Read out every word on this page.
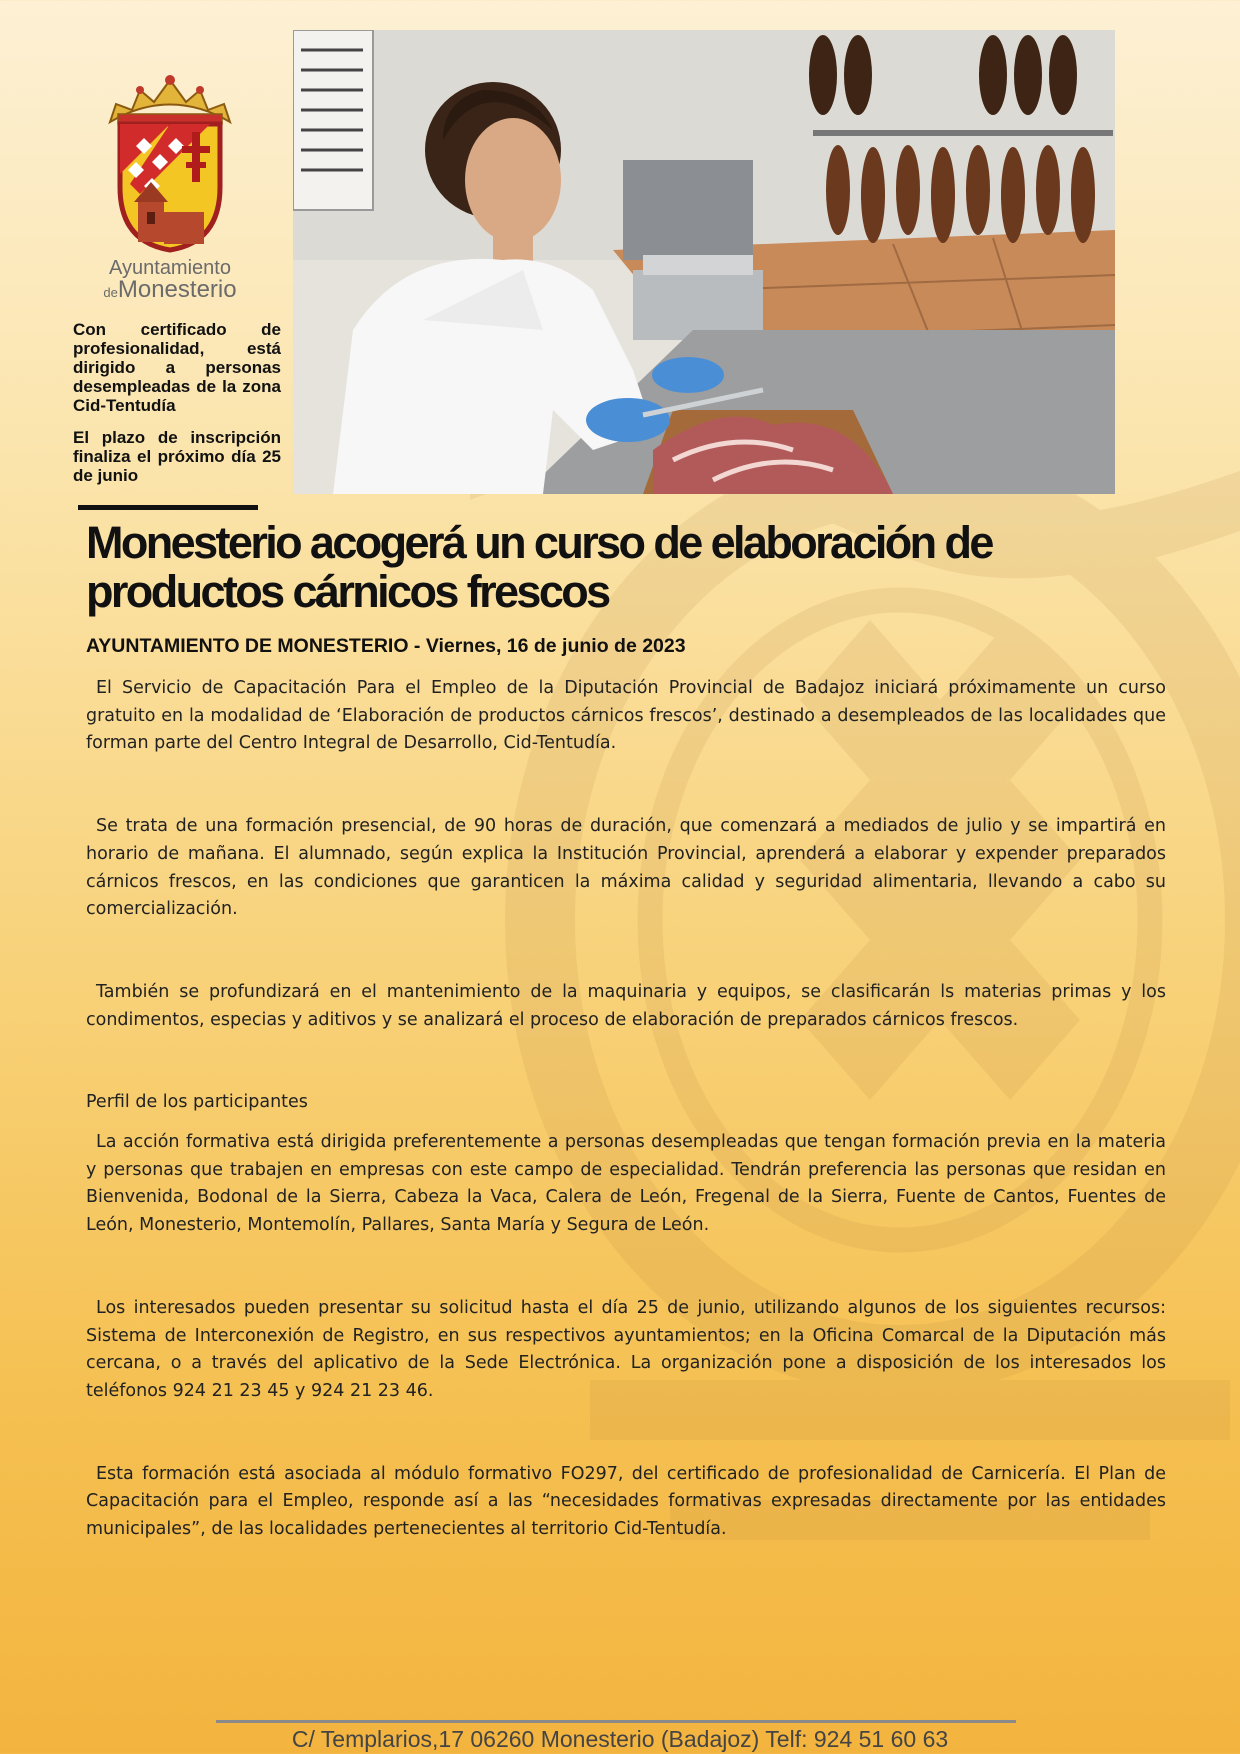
Ayuntamiento
deMonesterio
Con certificado de profesionalidad, está dirigido a personas desempleadas de la zona Cid-Tentudía
El plazo de inscripción finaliza el próximo día 25 de junio
Monesterio acogerá un curso de elaboración de productos cárnicos frescos

AYUNTAMIENTO DE MONESTERIO - Viernes, 16 de junio de 2023

El Servicio de Capacitación Para el Empleo de la Diputación Provincial de Badajoz iniciará próximamente un curso gratuito en la modalidad de ‘Elaboración de productos cárnicos frescos’, destinado a desempleados de las localidades que forman parte del Centro Integral de Desarrollo, Cid-Tentudía.

Se trata de una formación presencial, de 90 horas de duración, que comenzará a mediados de julio y se impartirá en horario de mañana. El alumnado, según explica la Institución Provincial, aprenderá a elaborar y expender preparados cárnicos frescos, en las condiciones que garanticen la máxima calidad y seguridad alimentaria, llevando a cabo su comercialización.

También se profundizará en el mantenimiento de la maquinaria y equipos, se clasificarán ls materias primas y los condimentos, especias y aditivos y se analizará el proceso de elaboración de preparados cárnicos frescos.

Perfil de los participantes

La acción formativa está dirigida preferentemente a personas desempleadas que tengan formación previa en la materia y personas que trabajen en empresas con este campo de especialidad. Tendrán preferencia las personas que residan en Bienvenida, Bodonal de la Sierra, Cabeza la Vaca, Calera de León, Fregenal de la Sierra, Fuente de Cantos, Fuentes de León, Monesterio, Montemolín, Pallares, Santa María y Segura de León.

Los interesados pueden presentar su solicitud hasta el día 25 de junio, utilizando algunos de los siguientes recursos: Sistema de Interconexión de Registro, en sus respectivos ayuntamientos; en la Oficina Comarcal de la Diputación más cercana, o a través del aplicativo de la Sede Electrónica. La organización pone a disposición de los interesados los teléfonos 924 21 23 45 y 924 21 23 46.

Esta formación está asociada al módulo formativo FO297, del certificado de profesionalidad de Carnicería. El Plan de Capacitación para el Empleo, responde así a las “necesidades formativas expresadas directamente por las entidades municipales”, de las localidades pertenecientes al territorio Cid-Tentudía.

C/ Templarios,17 06260 Monesterio (Badajoz) Telf: 924 51 60 63
